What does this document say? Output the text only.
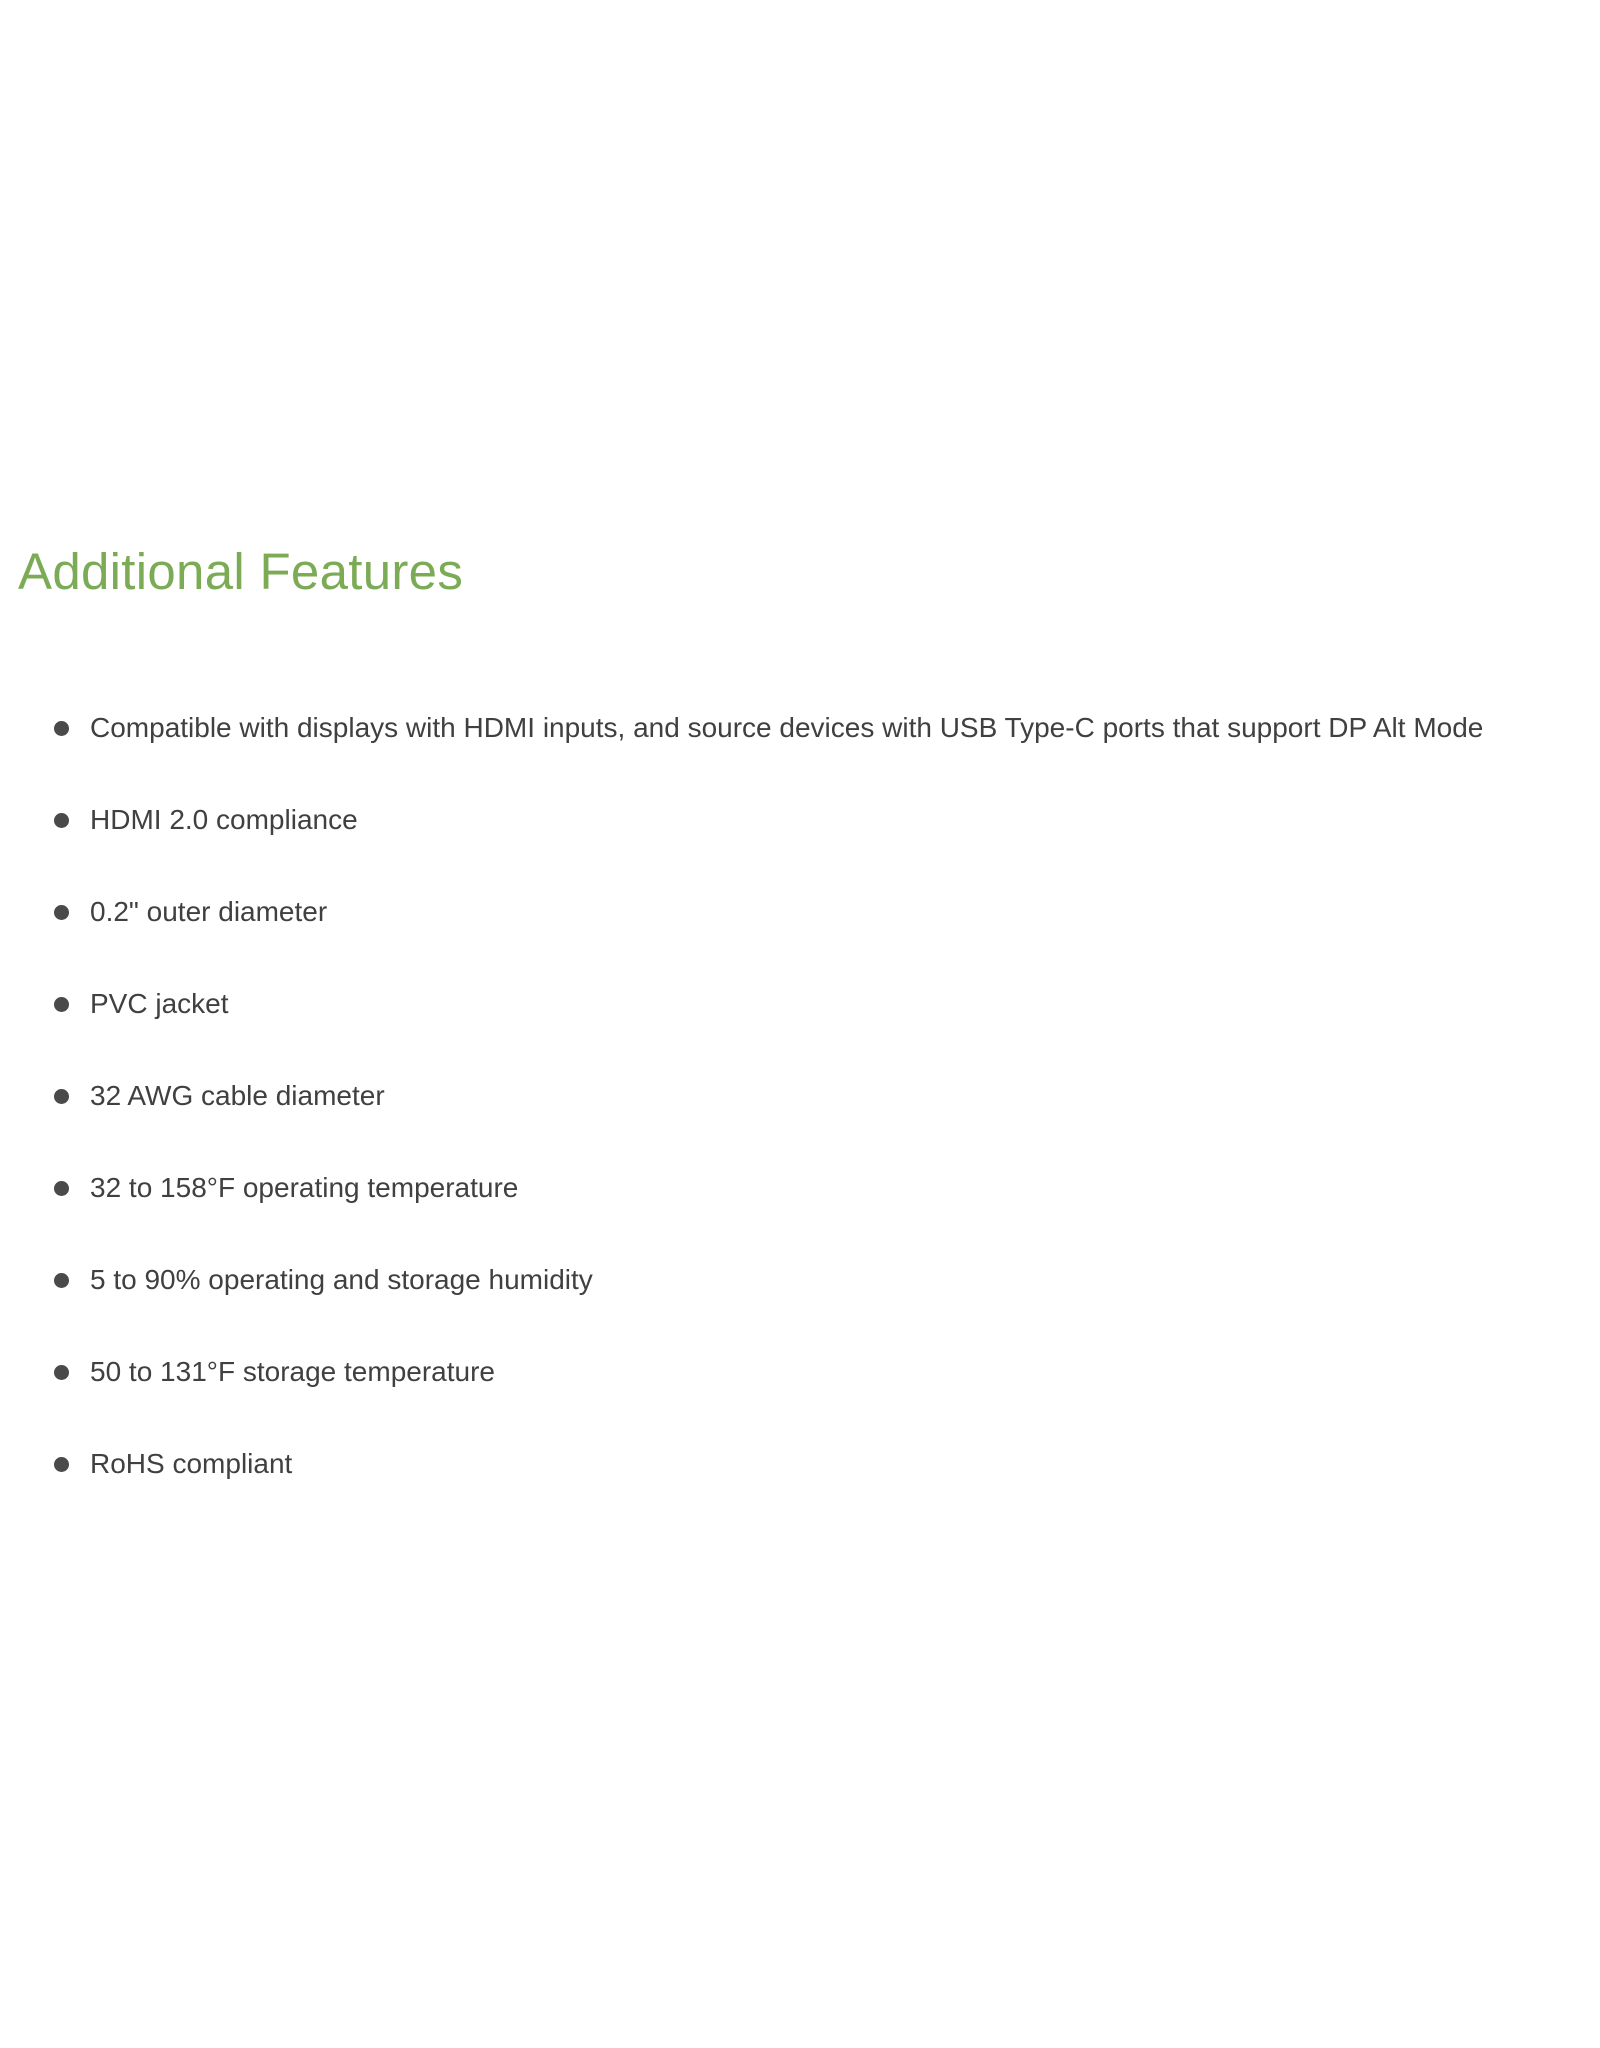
Additional Features
Compatible with displays with HDMI inputs, and source devices with USB Type-C ports that support DP Alt Mode
HDMI 2.0 compliance
0.2" outer diameter
PVC jacket
32 AWG cable diameter
32 to 158°F operating temperature
5 to 90% operating and storage humidity
50 to 131°F storage temperature
RoHS compliant
